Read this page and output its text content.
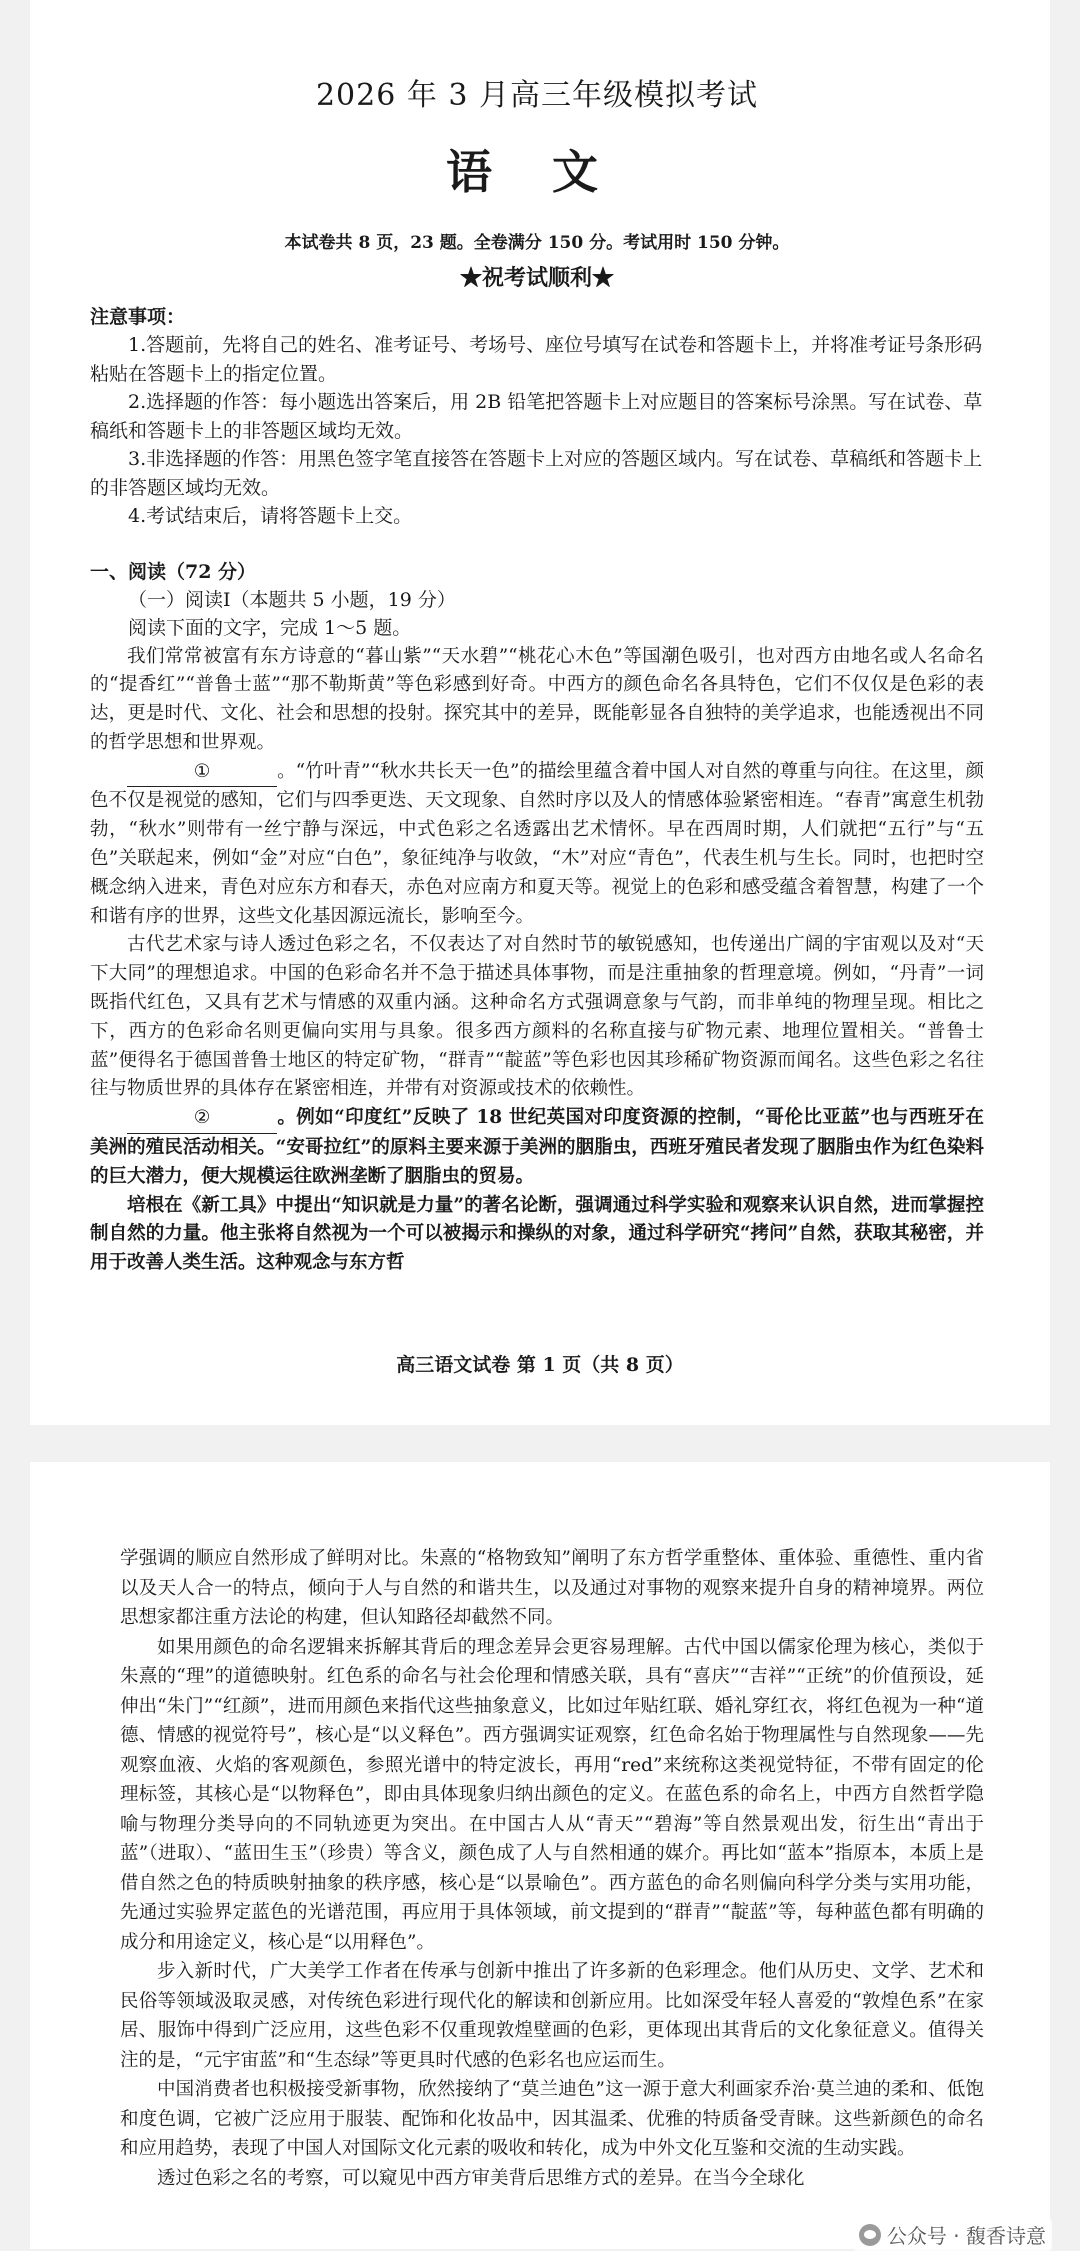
2026 年 3 月高三年级模拟考试
语文
本试卷共 8 页，23 题。全卷满分 150 分。考试用时 150 分钟。
★祝考试顺利★
注意事项：

1.答题前，先将自己的姓名、准考证号、考场号、座位号填写在试卷和答题卡上，并将准考证号条形码粘贴在答题卡上的指定位置。

2.选择题的作答：每小题选出答案后，用 2B 铅笔把答题卡上对应题目的答案标号涂黑。写在试卷、草稿纸和答题卡上的非答题区域均无效。

3.非选择题的作答：用黑色签字笔直接答在答题卡上对应的答题区域内。写在试卷、草稿纸和答题卡上的非答题区域均无效。

4.考试结束后，请将答题卡上交。

一、阅读（72 分）

（一）阅读Ⅰ（本题共 5 小题，19 分）

阅读下面的文字，完成 1～5 题。

我们常常被富有东方诗意的“暮山紫”“天水碧”“桃花心木色”等国潮色吸引，也对西方由地名或人名命名的“提香红”“普鲁士蓝”“那不勒斯黄”等色彩感到好奇。中西方的颜色命名各具特色，它们不仅仅是色彩的表达，更是时代、文化、社会和思想的投射。探究其中的差异，既能彰显各自独特的美学追求，也能透视出不同的哲学思想和世界观。

①	。“竹叶青”“秋水共长天一色”的描绘里蕴含着中国人对自然的尊重与向往。在这里，颜色不仅是视觉的感知，它们与四季更迭、天文现象、自然时序以及人的情感体验紧密相连。“春青”寓意生机勃勃，“秋水”则带有一丝宁静与深远，中式色彩之名透露出艺术情怀。早在西周时期，人们就把“五行”与“五色”关联起来，例如“金”对应“白色”，象征纯净与收敛，“木”对应“青色”，代表生机与生长。同时，也把时空概念纳入进来，青色对应东方和春天，赤色对应南方和夏天等。视觉上的色彩和感受蕴含着智慧，构建了一个和谐有序的世界，这些文化基因源远流长，影响至今。

古代艺术家与诗人透过色彩之名，不仅表达了对自然时节的敏锐感知，也传递出广阔的宇宙观以及对“天下大同”的理想追求。中国的色彩命名并不急于描述具体事物，而是注重抽象的哲理意境。例如，“丹青”一词既指代红色，又具有艺术与情感的双重内涵。这种命名方式强调意象与气韵，而非单纯的物理呈现。相比之下，西方的色彩命名则更偏向实用与具象。很多西方颜料的名称直接与矿物元素、地理位置相关。“普鲁士蓝”便得名于德国普鲁士地区的特定矿物，“群青”“靛蓝”等色彩也因其珍稀矿物资源而闻名。这些色彩之名往往与物质世界的具体存在紧密相连，并带有对资源或技术的依赖性。

②	。例如“印度红”反映了 18 世纪英国对印度资源的控制，“哥伦比亚蓝”也与西班牙在美洲的殖民活动相关。“安哥拉红”的原料主要来源于美洲的胭脂虫，西班牙殖民者发现了胭脂虫作为红色染料的巨大潜力，便大规模运往欧洲垄断了胭脂虫的贸易。

培根在《新工具》中提出“知识就是力量”的著名论断，强调通过科学实验和观察来认识自然，进而掌握控制自然的力量。他主张将自然视为一个可以被揭示和操纵的对象，通过科学研究“拷问”自然，获取其秘密，并用于改善人类生活。这种观念与东方哲

高三语文试卷 第 1 页（共 8 页）

学强调的顺应自然形成了鲜明对比。朱熹的“格物致知”阐明了东方哲学重整体、重体验、重德性、重内省以及天人合一的特点，倾向于人与自然的和谐共生，以及通过对事物的观察来提升自身的精神境界。两位思想家都注重方法论的构建，但认知路径却截然不同。

如果用颜色的命名逻辑来拆解其背后的理念差异会更容易理解。古代中国以儒家伦理为核心，类似于朱熹的“理”的道德映射。红色系的命名与社会伦理和情感关联，具有“喜庆”“吉祥”“正统”的价值预设，延伸出“朱门”“红颜”，进而用颜色来指代这些抽象意义，比如过年贴红联、婚礼穿红衣，将红色视为一种“道德、情感的视觉符号”，核心是“以义释色”。西方强调实证观察，红色命名始于物理属性与自然现象——先观察血液、火焰的客观颜色，参照光谱中的特定波长，再用“red”来统称这类视觉特征，不带有固定的伦理标签，其核心是“以物释色”，即由具体现象归纳出颜色的定义。在蓝色系的命名上，中西方自然哲学隐喻与物理分类导向的不同轨迹更为突出。在中国古人从“青天”“碧海”等自然景观出发，衍生出“青出于蓝”（进取）、“蓝田生玉”（珍贵）等含义，颜色成了人与自然相通的媒介。再比如“蓝本”指原本，本质上是借自然之色的特质映射抽象的秩序感，核心是“以景喻色”。西方蓝色的命名则偏向科学分类与实用功能，先通过实验界定蓝色的光谱范围，再应用于具体领域，前文提到的“群青”“靛蓝”等，每种蓝色都有明确的成分和用途定义，核心是“以用释色”。

步入新时代，广大美学工作者在传承与创新中推出了许多新的色彩理念。他们从历史、文学、艺术和民俗等领域汲取灵感，对传统色彩进行现代化的解读和创新应用。比如深受年轻人喜爱的“敦煌色系”在家居、服饰中得到广泛应用，这些色彩不仅重现敦煌壁画的色彩，更体现出其背后的文化象征意义。值得关注的是，“元宇宙蓝”和“生态绿”等更具时代感的色彩名也应运而生。

中国消费者也积极接受新事物，欣然接纳了“莫兰迪色”这一源于意大利画家乔治·莫兰迪的柔和、低饱和度色调，它被广泛应用于服装、配饰和化妆品中，因其温柔、优雅的特质备受青睐。这些新颜色的命名和应用趋势，表现了中国人对国际文化元素的吸收和转化，成为中外文化互鉴和交流的生动实践。

透过色彩之名的考察，可以窥见中西方审美背后思维方式的差异。在当今全球化

公众号 · 馥香诗意
